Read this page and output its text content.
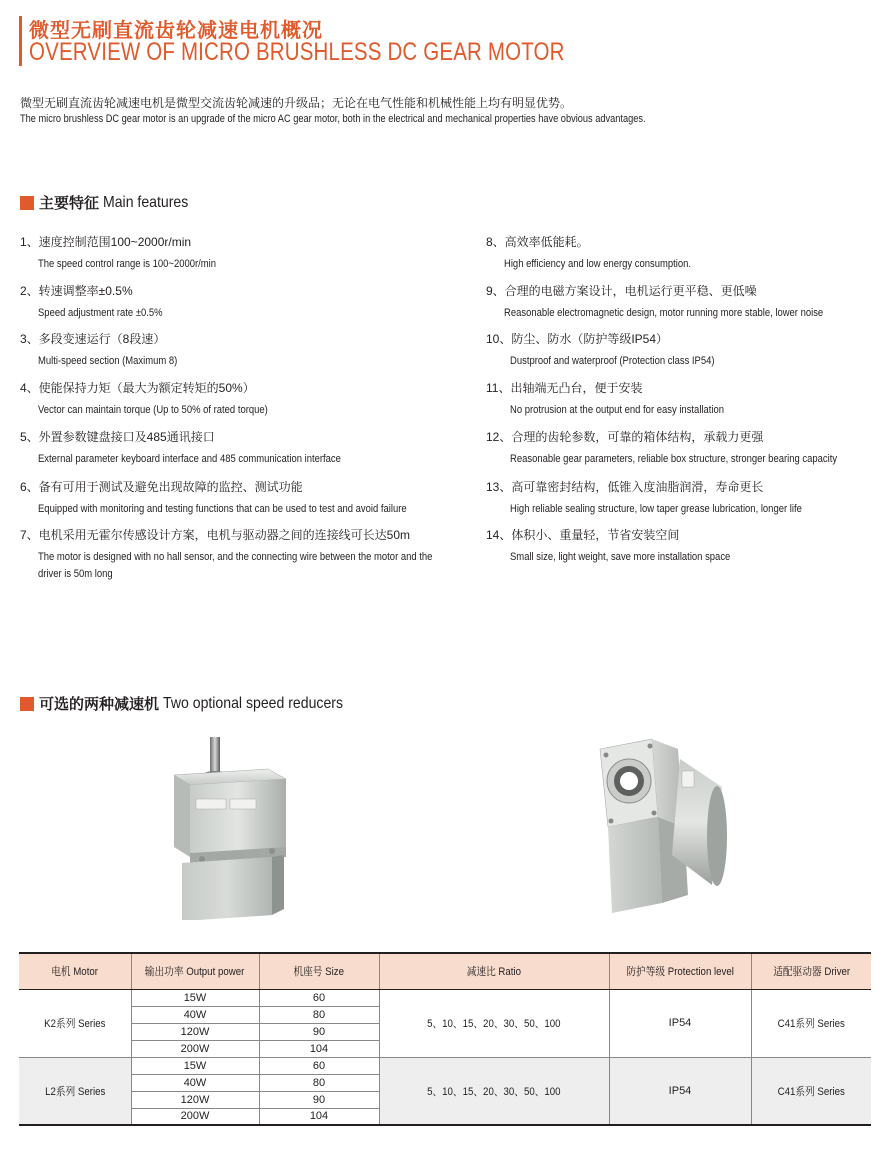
微型无刷直流齿轮减速电机概况
OVERVIEW OF MICRO BRUSHLESS DC GEAR MOTOR
微型无刷直流齿轮减速电机是微型交流齿轮减速的升级品；无论在电气性能和机械性能上均有明显优势。
The micro brushless DC gear motor is an upgrade of the micro AC gear motor, both in the electrical and mechanical properties have obvious advantages.
主要特征 Main features
1、速度控制范围100~2000r/min
The speed control range is 100~2000r/min
2、转速调整率±0.5%
Speed adjustment rate ±0.5%
3、多段变速运行（8段速）
Multi-speed section (Maximum 8)
4、使能保持力矩（最大为额定转矩的50%）
Vector can maintain torque (Up to 50% of rated torque)
5、外置参数键盘接口及485通讯接口
External parameter keyboard interface and 485 communication interface
6、备有可用于测试及避免出现故障的监控、测试功能
Equipped with monitoring and testing functions that can be used to test and avoid failure
7、电机采用无霍尔传感设计方案，电机与驱动器之间的连接线可长达50m
The motor is designed with no hall sensor, and the connecting wire between the motor and the driver is 50m long
8、高效率低能耗。
High efficiency and low energy consumption.
9、合理的电磁方案设计，电机运行更平稳、更低噪
Reasonable electromagnetic design, motor running more stable, lower noise
10、防尘、防水（防护等级IP54）
Dustproof and waterproof (Protection class IP54)
11、出轴端无凸台，便于安装
No protrusion at the output end for easy installation
12、合理的齿轮参数，可靠的箱体结构，承载力更强
Reasonable gear parameters, reliable box structure, stronger bearing capacity
13、高可靠密封结构，低锥入度油脂润滑，寿命更长
High reliable sealing structure, low taper grease lubrication, longer life
14、体积小、重量轻，节省安装空间
Small size, light weight, save more installation space
可选的两种减速机 Two optional speed reducers
电机 Motor	输出功率 Output power	机座号 Size	减速比 Ratio	防护等级 Protection level	适配驱动器 Driver
K2系列 Series	15W	60	5、10、15、20、30、50、100	IP54	C41系列 Series
	40W	80			
	120W	90			
	200W	104			
L2系列 Series	15W	60	5、10、15、20、30、50、100	IP54	C41系列 Series
	40W	80			
	120W	90			
	200W	104			
